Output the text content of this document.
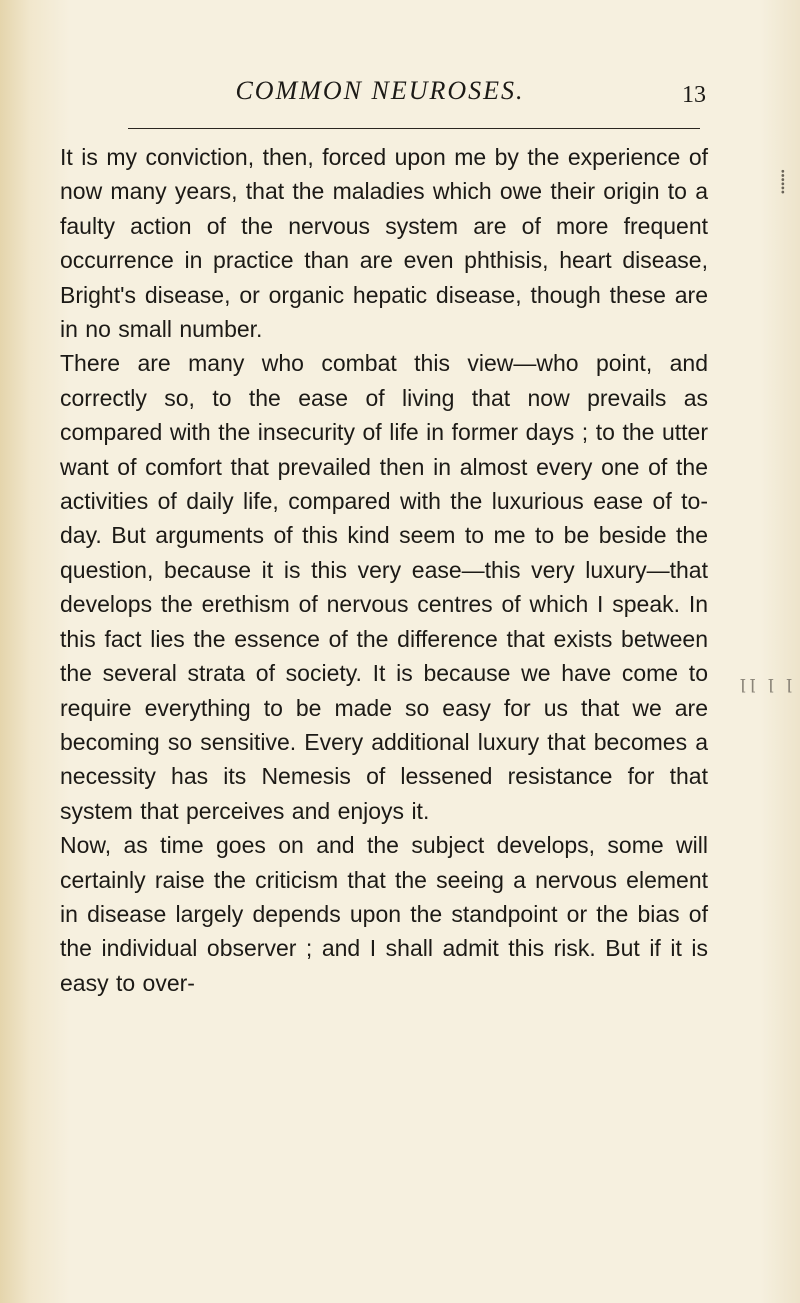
COMMON NEUROSES.	13

It is my conviction, then, forced upon me by the experience of now many years, that the maladies which owe their origin to a faulty action of the nervous system are of more frequent occurrence in practice than are even phthisis, heart disease, Bright's disease, or organic hepatic disease, though these are in no small number.

There are many who combat this view—who point, and correctly so, to the ease of living that now prevails as compared with the insecurity of life in former days ; to the utter want of comfort that prevailed then in almost every one of the activities of daily life, compared with the luxurious ease of to-day. But arguments of this kind seem to me to be beside the question, because it is this very ease—this very luxury—that develops the erethism of nervous centres of which I speak. In this fact lies the essence of the difference that exists between the several strata of society. It is because we have come to require everything to be made so easy for us that we are becoming so sensitive. Every additional luxury that becomes a necessity has its Nemesis of lessened resistance for that system that perceives and enjoys it.

Now, as time goes on and the subject develops, some will certainly raise the criticism that the seeing a nervous element in disease largely depends upon the standpoint or the bias of the individual observer ; and I shall admit this risk. But if it is easy to over-

⸽
ꞁꞁ ꞁ ꞁ
